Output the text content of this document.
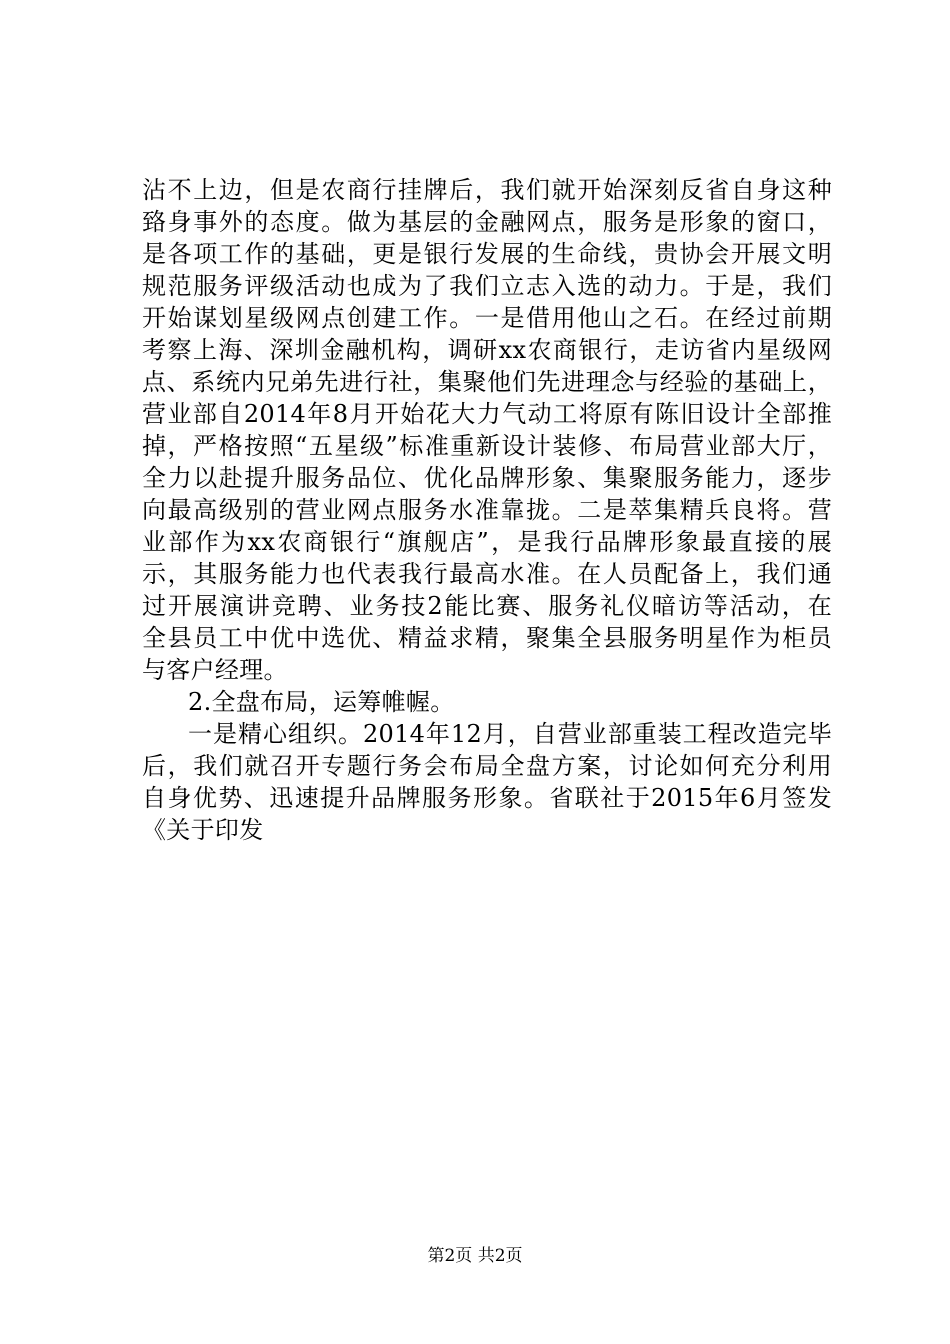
沾不上边，但是农商行挂牌后，我们就开始深刻反省自身这种
臵身事外的态度。做为基层的金融网点，服务是形象的窗口，
是各项工作的基础，更是银行发展的生命线，贵协会开展文明
规范服务评级活动也成为了我们立志入选的动力。于是，我们
开始谋划星级网点创建工作。一是借用他山之石。在经过前期
考察上海、深圳金融机构，调研xx农商银行，走访省内星级网
点、系统内兄弟先进行社，集聚他们先进理念与经验的基础上，
营业部自2014年8月开始花大力气动工将原有陈旧设计全部推
掉，严格按照“五星级”标准重新设计装修、布局营业部大厅，
全力以赴提升服务品位、优化品牌形象、集聚服务能力，逐步
向最高级别的营业网点服务水准靠拢。二是萃集精兵良将。营
业部作为xx农商银行“旗舰店”，是我行品牌形象最直接的展
示，其服务能力也代表我行最高水准。在人员配备上，我们通
过开展演讲竞聘、业务技2能比赛、服务礼仪暗访等活动，在
全县员工中优中选优、精益求精，聚集全县服务明星作为柜员
与客户经理。
2.全盘布局，运筹帷幄。
一是精心组织。2014年12月，自营业部重装工程改造完毕
后，我们就召开专题行务会布局全盘方案，讨论如何充分利用
自身优势、迅速提升品牌服务形象。省联社于2015年6月签发
《关于印发
第2页 共2页
